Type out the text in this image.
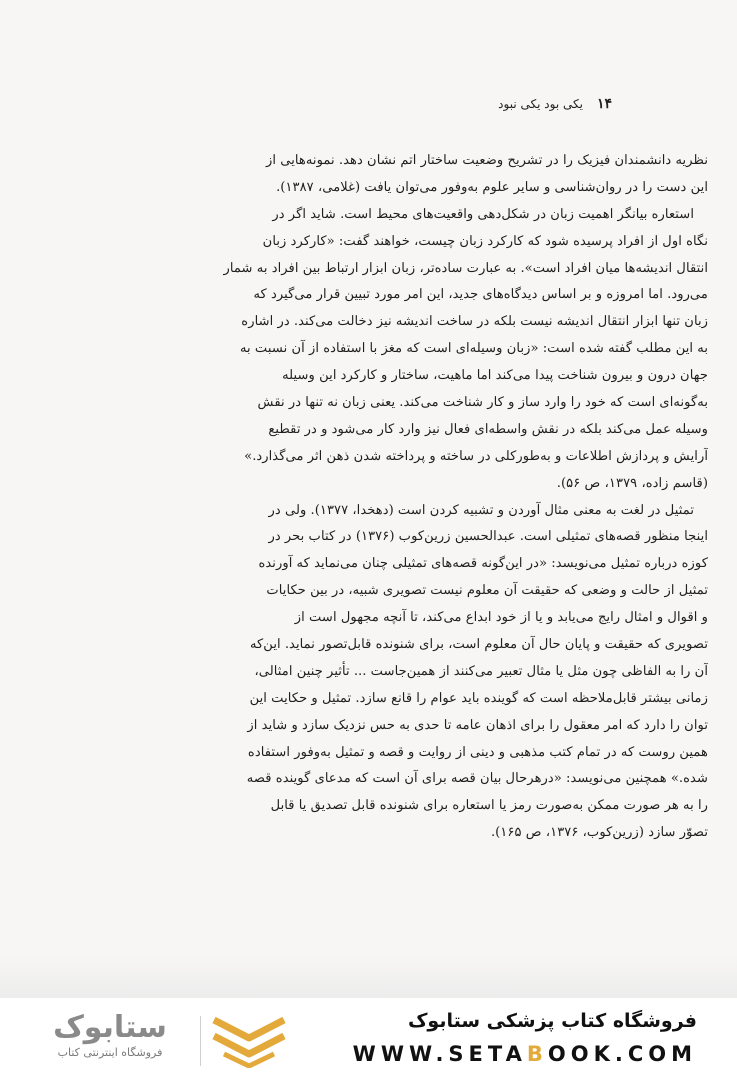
۱۴
یکی بود یکی نبود
نظریه دانشمندان فیزیک را در تشریح وضعیت ساختار اتم نشان دهد. نمونه‌هایی از
این دست را در روان‌شناسی و سایر علوم به‌وفور می‌توان یافت (غلامی، ۱۳۸۷).
استعاره بیانگر اهمیت زبان در شکل‌دهی واقعیت‌های محیط است. شاید اگر در
نگاه اول از افراد پرسیده شود که کارکرد زبان چیست، خواهند گفت: «کارکرد زبان
انتقال اندیشه‌ها میان افراد است». به عبارت ساده‌تر، زبان ابزار ارتباط بین افراد به شمار
می‌رود. اما امروزه و بر اساس دیدگاه‌های جدید، این امر مورد تبیین قرار می‌گیرد که
زبان تنها ابزار انتقال اندیشه نیست بلکه در ساخت اندیشه نیز دخالت می‌کند. در اشاره
به این مطلب گفته شده است: «زبان وسیله‌ای است که مغز با استفاده از آن نسبت به
جهان درون و بیرون شناخت پیدا می‌کند اما ماهیت، ساختار و کارکرد این وسیله
به‌گونه‌ای است که خود را وارد ساز و کار شناخت می‌کند. یعنی زبان نه تنها در نقش
وسیله عمل می‌کند بلکه در نقش واسطه‌ای فعال نیز وارد کار می‌شود و در تقطیع
آرایش و پردازش اطلاعات و به‌طورکلی در ساخته و پرداخته شدن ذهن اثر می‌گذارد.»
(قاسم زاده، ۱۳۷۹، ص ۵۶).
تمثیل در لغت به معنی مثال آوردن و تشبیه کردن است (دهخدا، ۱۳۷۷). ولی در
اینجا منظور قصه‌های تمثیلی است. عبدالحسین زرین‌کوب (۱۳۷۶) در کتاب بحر در
کوزه درباره تمثیل می‌نویسد: «در این‌گونه قصه‌های تمثیلی چنان می‌نماید که آورنده
تمثیل از حالت و وضعی که حقیقت آن معلوم نیست تصویری شبیه، در بین حکایات
و اقوال و امثال رایج می‌یابد و یا از خود ابداع می‌کند، تا آنچه مجهول است از
تصویری که حقیقت و پایان حال آن معلوم است، برای شنونده قابل‌تصور نماید. این‌که
آن را به الفاظی چون مثل یا مثال تعبیر می‌کنند از همین‌جاست ... تأثیر چنین امثالی،
زمانی بیشتر قابل‌ملاحظه است که گوینده باید عوام را قانع سازد. تمثیل و حکایت این
توان را دارد که امر معقول را برای اذهان عامه تا حدی به حس نزدیک سازد و شاید از
همین روست که در تمام کتب مذهبی و دینی از روایت و قصه و تمثیل به‌وفور استفاده
شده.» همچنین می‌نویسد: «درهرحال بیان قصه برای آن است که مدعای گوینده قصه
را به هر صورت ممکن به‌صورت رمز یا استعاره برای شنونده قابل تصدیق یا قابل
تصوّر سازد (زرین‌کوب، ۱۳۷۶، ص ۱۶۵).
ستابوک
فروشگاه اینترنتی کتاب
فروشگاه کتاب پزشکی ستابوک
WWW.SETABOOK.COM
